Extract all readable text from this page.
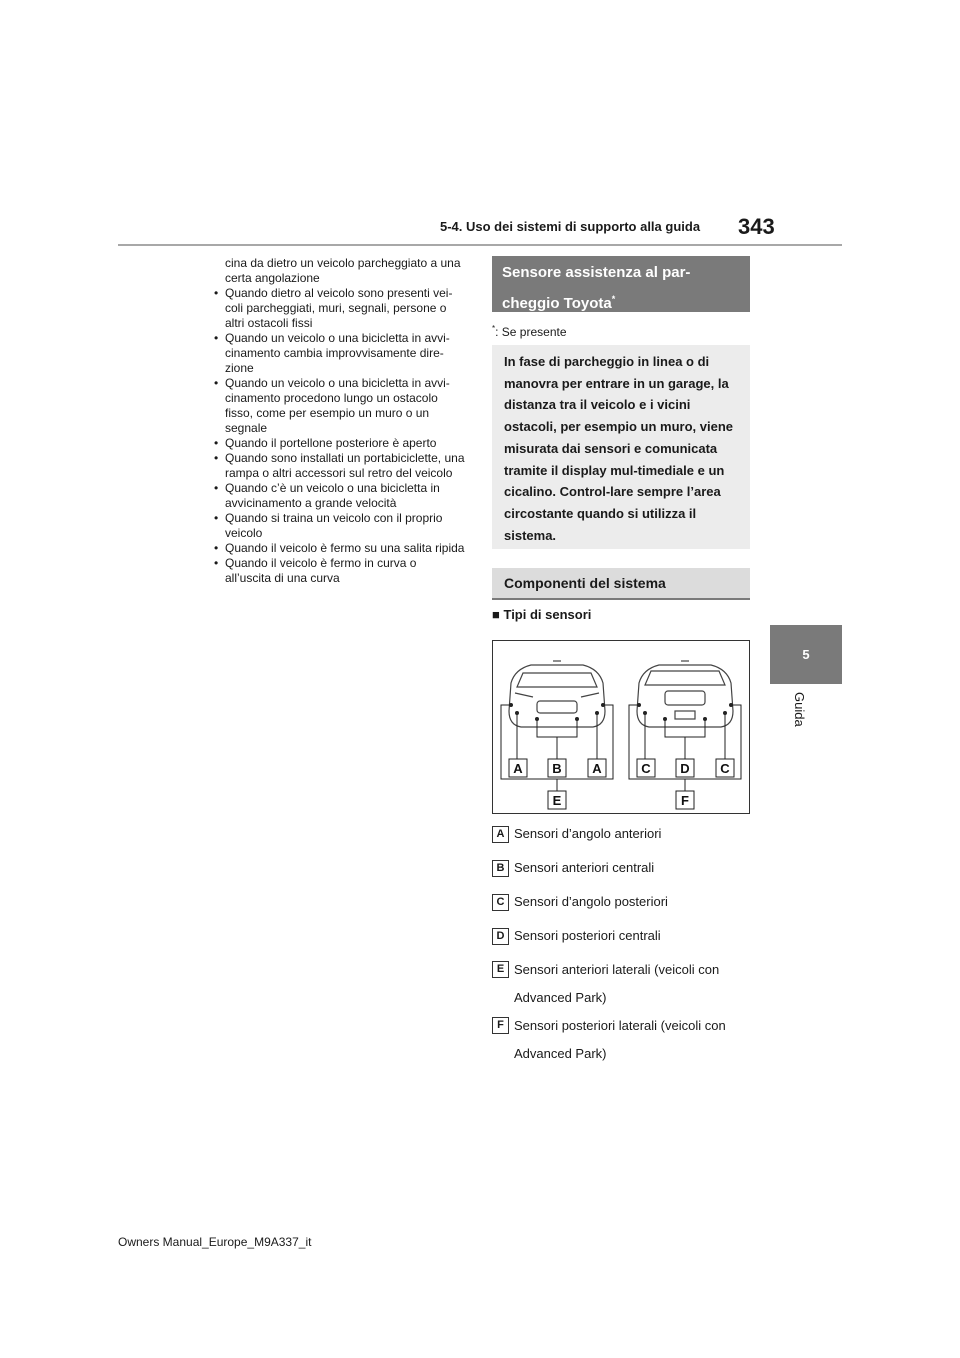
5-4. Uso dei sistemi di supporto alla guida 343
5
Guida
cina da dietro un veicolo parcheggiato a una certa angolazione
• Quando dietro al veicolo sono presenti vei-coli parcheggiati, muri, segnali, persone o altri ostacoli fissi
• Quando un veicolo o una bicicletta in avvi-cinamento cambia improvvisamente dire-zione
• Quando un veicolo o una bicicletta in avvi-cinamento procedono lungo un ostacolo fisso, come per esempio un muro o un segnale
• Quando il portellone posteriore è aperto
• Quando sono installati un portabiciclette, una rampa o altri accessori sul retro del veicolo
• Quando c’è un veicolo o una bicicletta in avvicinamento a grande velocità
• Quando si traina un veicolo con il proprio veicolo
• Quando il veicolo è fermo su una salita ripida
• Quando il veicolo è fermo in curva o all’uscita di una curva
Sensore assistenza al par-cheggio Toyota*
*: Se presente
In fase di parcheggio in linea o di manovra per entrare in un garage, la distanza tra il veicolo e i vicini ostacoli, per esempio un muro, viene misurata dai sensori e comunicata tramite il display mul-timediale e un cicalino. Control-lare sempre l’area circostante quando si utilizza il sistema.
Componenti del sistema
■ Tipi di sensori
A B A	C D C
E	F
A Sensori d’angolo anteriori
B Sensori anteriori centrali
C Sensori d’angolo posteriori
D Sensori posteriori centrali
E Sensori anteriori laterali (veicoli con Advanced Park)
F Sensori posteriori laterali (veicoli con Advanced Park)
Owners Manual_Europe_M9A337_it
